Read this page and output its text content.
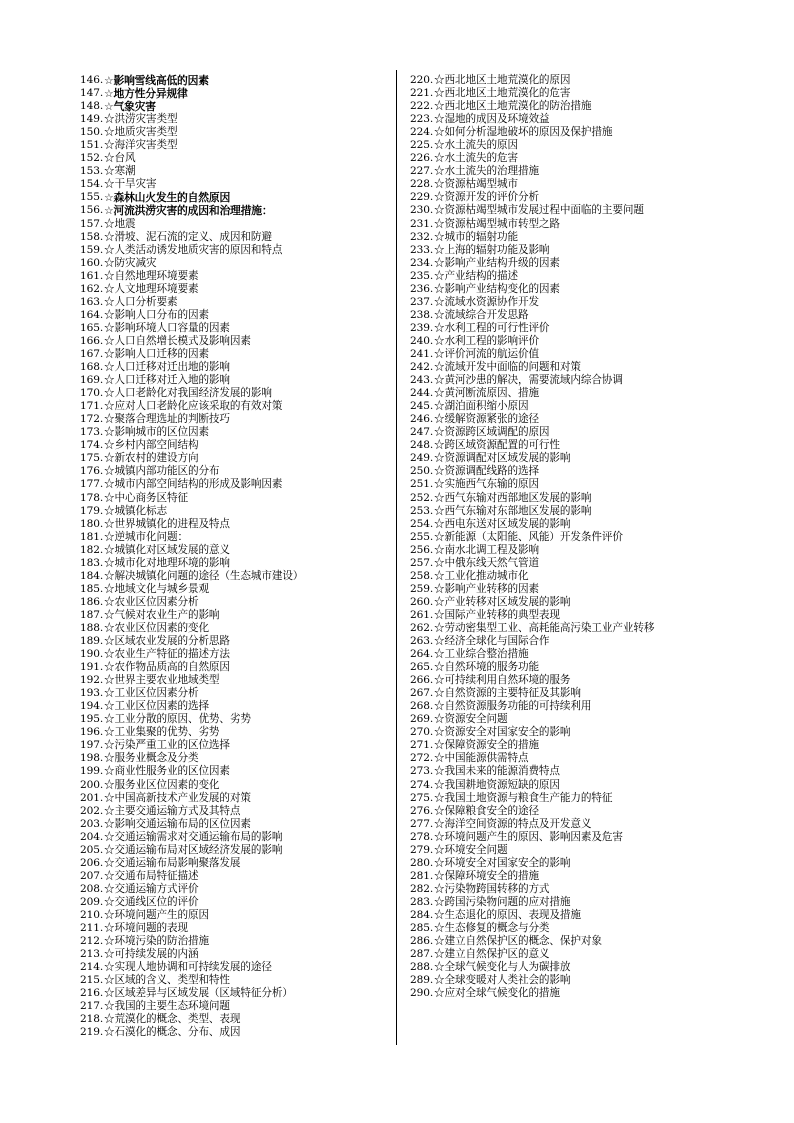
146. ☆影响雪线高低的因素
147. ☆地方性分异规律
148. ☆气象灾害
149. ☆洪涝灾害类型
150. ☆地质灾害类型
151. ☆海洋灾害类型
152. ☆台风
153. ☆寒潮
154. ☆干旱灾害
155. ☆森林山火发生的自然原因
156. ☆河流洪涝灾害的成因和治理措施：
157. ☆地震
158. ☆滑坡、泥石流的定义、成因和防避
159. ☆人类活动诱发地质灾害的原因和特点
160. ☆防灾减灾
161. ☆自然地理环境要素
162. ☆人文地理环境要素
163. ☆人口分析要素
164. ☆影响人口分布的因素
165. ☆影响环境人口容量的因素
166. ☆人口自然增长模式及影响因素
167. ☆影响人口迁移的因素
168. ☆人口迁移对迁出地的影响
169. ☆人口迁移对迁入地的影响
170. ☆人口老龄化对我国经济发展的影响
171. ☆应对人口老龄化应该采取的有效对策
172. ☆聚落合理选址的判断技巧
173. ☆影响城市的区位因素
174. ☆乡村内部空间结构
175. ☆新农村的建设方向
176. ☆城镇内部功能区的分布
177. ☆城市内部空间结构的形成及影响因素
178. ☆中心商务区特征
179. ☆城镇化标志
180. ☆世界城镇化的进程及特点
181. ☆逆城市化问题：
182. ☆城镇化对区域发展的意义
183. ☆城市化对地理环境的影响
184. ☆解决城镇化问题的途径（生态城市建设）
185. ☆地域文化与城乡景观
186. ☆农业区位因素分析
187. ☆气候对农业生产的影响
188. ☆农业区位因素的变化
189. ☆区域农业发展的分析思路
190. ☆农业生产特征的描述方法
191. ☆农作物品质高的自然原因
192. ☆世界主要农业地域类型
193. ☆工业区位因素分析
194. ☆工业区位因素的选择
195. ☆工业分散的原因、优势、劣势
196. ☆工业集聚的优势、劣势
197. ☆污染严重工业的区位选择
198. ☆服务业概念及分类
199. ☆商业性服务业的区位因素
200. ☆服务业区位因素的变化
201. ☆中国高新技术产业发展的对策
202. ☆主要交通运输方式及其特点
203. ☆影响交通运输布局的区位因素
204. ☆交通运输需求对交通运输布局的影响
205. ☆交通运输布局对区域经济发展的影响
206. ☆交通运输布局影响聚落发展
207. ☆交通布局特征描述
208. ☆交通运输方式评价
209. ☆交通线区位的评价
210. ☆环境问题产生的原因
211. ☆环境问题的表现
212. ☆环境污染的防治措施
213. ☆可持续发展的内涵
214. ☆实现人地协调和可持续发展的途径
215. ☆区域的含义、类型和特性
216. ☆区域差异与区域发展（区域特征分析）
217. ☆我国的主要生态环境问题
218. ☆荒漠化的概念、类型、表现
219. ☆石漠化的概念、分布、成因
220. ☆西北地区土地荒漠化的原因
221. ☆西北地区土地荒漠化的危害
222. ☆西北地区土地荒漠化的防治措施
223. ☆湿地的成因及环境效益
224. ☆如何分析湿地破坏的原因及保护措施
225. ☆水土流失的原因
226. ☆水土流失的危害
227. ☆水土流失的治理措施
228. ☆资源枯竭型城市
229. ☆资源开发的评价分析
230. ☆资源枯竭型城市发展过程中面临的主要问题
231. ☆资源枯竭型城市转型之路
232. ☆城市的辐射功能
233. ☆上海的辐射功能及影响
234. ☆影响产业结构升级的因素
235. ☆产业结构的描述
236. ☆影响产业结构变化的因素
237. ☆流域水资源协作开发
238. ☆流域综合开发思路
239. ☆水利工程的可行性评价
240. ☆水利工程的影响评价
241. ☆评价河流的航运价值
242. ☆流域开发中面临的问题和对策
243. ☆黄河沙患的解决，需要流域内综合协调
244. ☆黄河断流原因、措施
245. ☆湖泊面积缩小原因
246. ☆缓解资源紧张的途径
247. ☆资源跨区域调配的原因
248. ☆跨区域资源配置的可行性
249. ☆资源调配对区域发展的影响
250. ☆资源调配线路的选择
251. ☆实施西气东输的原因
252. ☆西气东输对西部地区发展的影响
253. ☆西气东输对东部地区发展的影响
254. ☆西电东送对区域发展的影响
255. ☆新能源（太阳能、风能）开发条件评价
256. ☆南水北调工程及影响
257. ☆中俄东线天然气管道
258. ☆工业化推动城市化
259. ☆影响产业转移的因素
260. ☆产业转移对区域发展的影响
261. ☆国际产业转移的典型表现
262. ☆劳动密集型工业、高耗能高污染工业产业转移
263. ☆经济全球化与国际合作
264. ☆工业综合整治措施
265. ☆自然环境的服务功能
266. ☆可持续利用自然环境的服务
267. ☆自然资源的主要特征及其影响
268. ☆自然资源服务功能的可持续利用
269. ☆资源安全问题
270. ☆资源安全对国家安全的影响
271. ☆保障资源安全的措施
272. ☆中国能源供需特点
273. ☆我国未来的能源消费特点
274. ☆我国耕地资源短缺的原因
275. ☆我国土地资源与粮食生产能力的特征
276. ☆保障粮食安全的途径
277. ☆海洋空间资源的特点及开发意义
278. ☆环境问题产生的原因、影响因素及危害
279. ☆环境安全问题
280. ☆环境安全对国家安全的影响
281. ☆保障环境安全的措施
282. ☆污染物跨国转移的方式
283. ☆跨国污染物问题的应对措施
284. ☆生态退化的原因、表现及措施
285. ☆生态修复的概念与分类
286. ☆建立自然保护区的概念、保护对象
287. ☆建立自然保护区的意义
288. ☆全球气候变化与人为碳排放
289. ☆全球变暖对人类社会的影响
290. ☆应对全球气候变化的措施
